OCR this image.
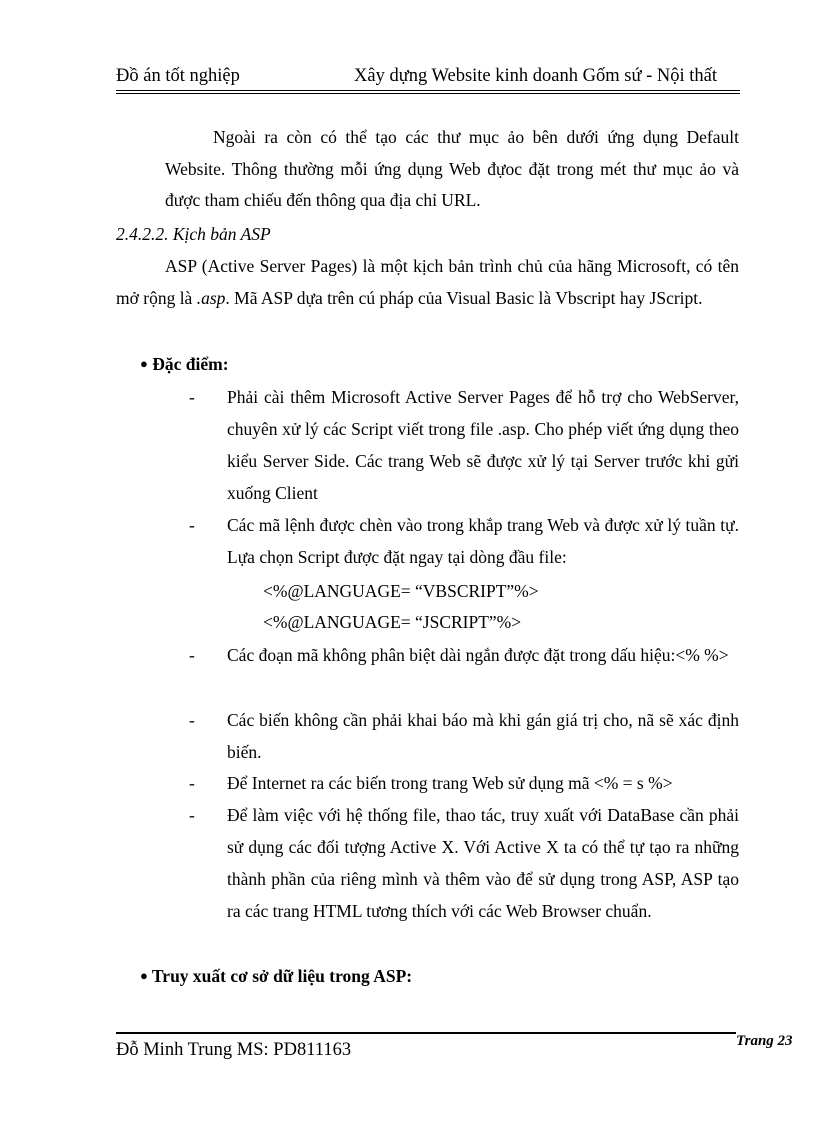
Đồ án tốt nghiệp	Xây dựng Website kinh doanh Gốm sứ - Nội thất
Ngoài ra còn có thể tạo các thư mục ảo bên dưới ứng dụng Default Website. Thông thường mỗi ứng dụng Web đựoc đặt trong mét thư mục ảo và được tham chiếu đến thông qua địa chỉ URL.
2.4.2.2. Kịch bản ASP
ASP (Active Server Pages) là một kịch bản trình chủ của hãng Microsoft, có tên mở rộng là .asp. Mã ASP dựa trên cú pháp của Visual Basic là Vbscript hay JScript.
● Đặc điểm:
- Phải cài thêm Microsoft Active Server Pages để hỗ trợ cho WebServer, chuyên xử lý các Script viết trong file .asp. Cho phép viết ứng dụng theo kiểu Server Side. Các trang Web sẽ được xử lý tại Server trước khi gửi xuống Client
- Các mã lệnh được chèn vào trong khắp trang Web và được xử lý tuần tự. Lựa chọn Script được đặt ngay tại dòng đầu file:
<%@LANGUAGE= “VBSCRIPT”%>
<%@LANGUAGE= “JSCRIPT”%>
- Các đoạn mã không phân biệt dài ngắn được đặt trong dấu hiệu:<% %>
- Các biến không cần phải khai báo mà khi gán giá trị cho, nã sẽ xác định biến.
- Để Internet ra các biến trong trang Web sử dụng mã <% = s %>
- Để làm việc với hệ thống file, thao tác, truy xuất với DataBase cần phải sử dụng các đối tượng Active X. Với Active X ta có thể tự tạo ra những thành phần của riêng mình và thêm vào để sử dụng trong ASP, ASP tạo ra các trang HTML tương thích với các Web Browser chuẩn.
● Truy xuất cơ sở dữ liệu trong ASP:
Đỗ Minh Trung MS: PD811163	Trang 23
